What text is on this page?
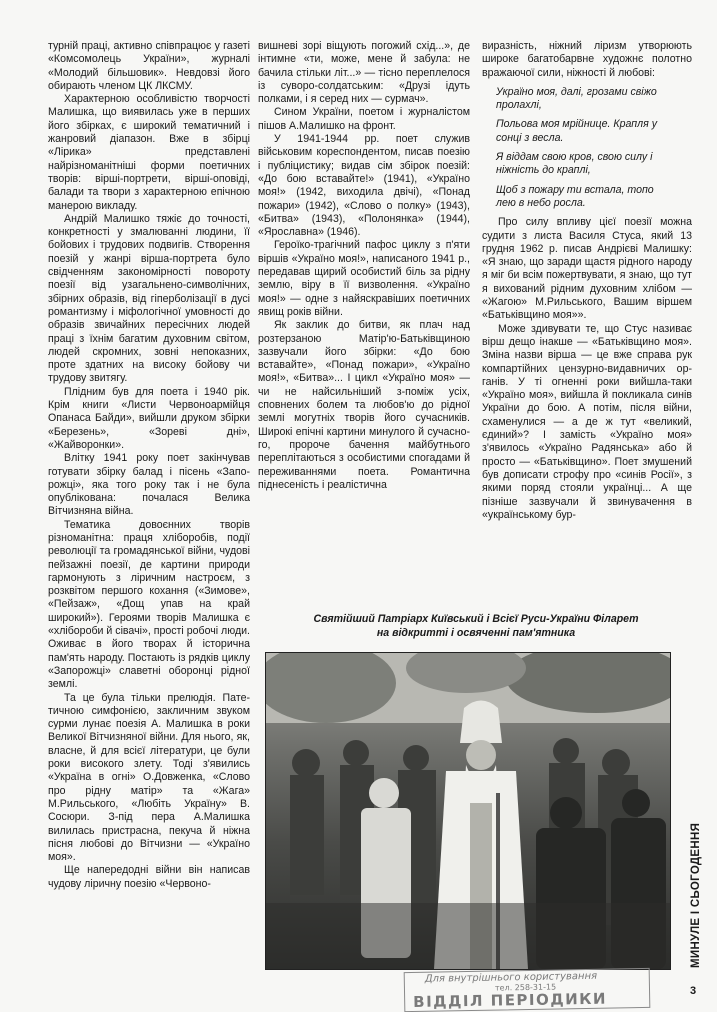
турній праці, активно співпрацює у газеті «Комсомолець України», журналі «Молодий більшовик». Невдовзі його обирають членом ЦК ЛКСМУ.

Характерною особливістю творчості Малишка, що виявилась уже в перших його збірках, є широкий тематичний і жанровий діапазон. Вже в збірці «Лірика» представлені найрізноманітніші форми поетичних творів: вірші-портрети, вірші-оповіді, балади та твори з характерною епічною манерою викладу.

Андрій Малишко тяжіє до точності, конкретності у змалюванні людини, її бойових і трудових подвигів. Створення поезій у жанрі вірша-портрета було свідченням закономірності повороту поезії від узагальнено-символічних, збірних образів, від гіперболізації в дусі романтизму і міфологічної умовності до образів звичайних пересічних людей праці з їхнім багатим духовним світом, людей скромних, зовні непоказних, проте здатних на високу бойову чи трудову звитягу.

Плідним був для поета і 1940 рік. Крім книги «Листи Червоноармійця Опанаса Байди», вийшли друком збірки «Березень», «Зореві дні», «Жайворонки».

Влітку 1941 року поет закінчував готувати збірку балад і пісень «Запорожці», яка того року так і не була опублікована: почалася Велика Вітчизняна війна.

Тематика довоєнних творів різноманітна: праця хліборобів, події революції та громадянської війни, чудові пейзажні поезії, де картини природи гармонують з ліричним настроєм, з розквітом першого кохання («Зимове», «Пейзаж», «Дощ упав на край широкий»). Героями творів Малишка є «хлібороби й сівачі», прості робочі люди. Оживає в його творах й історична пам'ять народу. Постають із рядків циклу «Запорожці» славетні оборонці рідної землі.

Та це була тільки прелюдія. Патетичною симфонією, закличним звуком сурми лунає поезія А. Малишка в роки Великої Вітчизняної війни. Для нього, як, власне, й для всієї літератури, це були роки високого злету. Тоді з'явились «Україна в огні» О.Довженка, «Слово про рідну матір» та «Жага» М.Рильського, «Любіть Україну» В. Сосюри. З-під пера А.Малишка вилилась пристрасна, пекуча й ніжна пісня любові до Вітчизни — «Україно моя».

Ще напередодні війни він написав чудову ліричну поезію «Червоно-

вишневі зорі віщують погожий схід...», де інтимне «ти, може, мене й забула: не бачила стільки літ...» — тісно переплелося із суворо-солдатським: «Друзі ідуть полками, і я серед них — сурмач».

Сином України, поетом і журналістом пішов А.Малишко на фронт.

У 1941-1944 рр. поет служив військовим кореспондентом, писав поезію і публіцистику; видав сім збірок поезій: «До бою вставайте!» (1941), «Україно моя!» (1942, виходила двічі), «Понад пожари» (1942), «Слово о полку» (1943), «Битва» (1943), «Полонянка» (1944), «Ярославна» (1946).

Героїко-трагічний пафос циклу з п'яти віршів «Україно моя!», написаного 1941 р., передавав щирий особистий біль за рідну землю, віру в її визволення. «Україно моя!» — одне з найяскравіших поетичних явищ років війни.

Як заклик до битви, як плач над розтерзаною Матір'ю-Батьківщиною зазвучали його збірки: «До бою вставайте», «Понад пожари», «Україно моя!», «Битва»... І цикл «Україно моя» — чи не найсильніший з-поміж усіх, сповнених болем та любов'ю до рідної землі могутніх творів його сучасників. Широкі епічні картини минулого й сучасного, пророче бачення майбутнього переплітаються з особистими спогадами й переживаннями поета. Романтична піднесеність і реалістична

виразність, ніжний ліризм утворюють широке багатобарвне художнє полотно вражаючої сили, ніжності й любові:

Україно моя, далі, грозами свіжо
пролахлі,
Польова моя мрійнице. Крапля у
сонці з весла.
Я віддам свою кров, свою силу і
ніжність до краплі,
Щоб з пожару ти встала, топо
лею в небо росла.

Про силу впливу цієї поезії можна судити з листа Василя Стуса, який 13 грудня 1962 р. писав Андрієві Малишку: «Я знаю, що заради щастя рідного народу я міг би всім пожертвувати, я знаю, що тут я вихований рідним духовним хлібом — «Жагою» М.Рильського, Вашим віршем «Батьківщино моя»».

Може здивувати те, що Стус називає вірш дещо інакше — «Батьківщино моя». Зміна назви вірша — це вже справа рук компартійних цензурно-видавничих органів. У ті огненні роки вийшла-таки «Україно моя», вийшла й покликала синів України до бою. А потім, після війни, схаменулися — а де ж тут «великий, єдиний»? І замість «Україно моя» з'явилось «Україно Радянська» або й просто — «Батьківщино». Поет змушений був дописати строфу про «синів Росії», з якими поряд стояли українці... А ще пізніше зазвучали й звинувачення в «українському бур-

Святійший Патріарх Київський і Всієї Руси-України Філарет
на відкритті і освяченні пам'ятника
МИНУЛЕ І СЬОГОДЕННЯ
Для внутрішнього користування
тел. 258-31-15
ВІДДІЛ ПЕРІОДИКИ	3
